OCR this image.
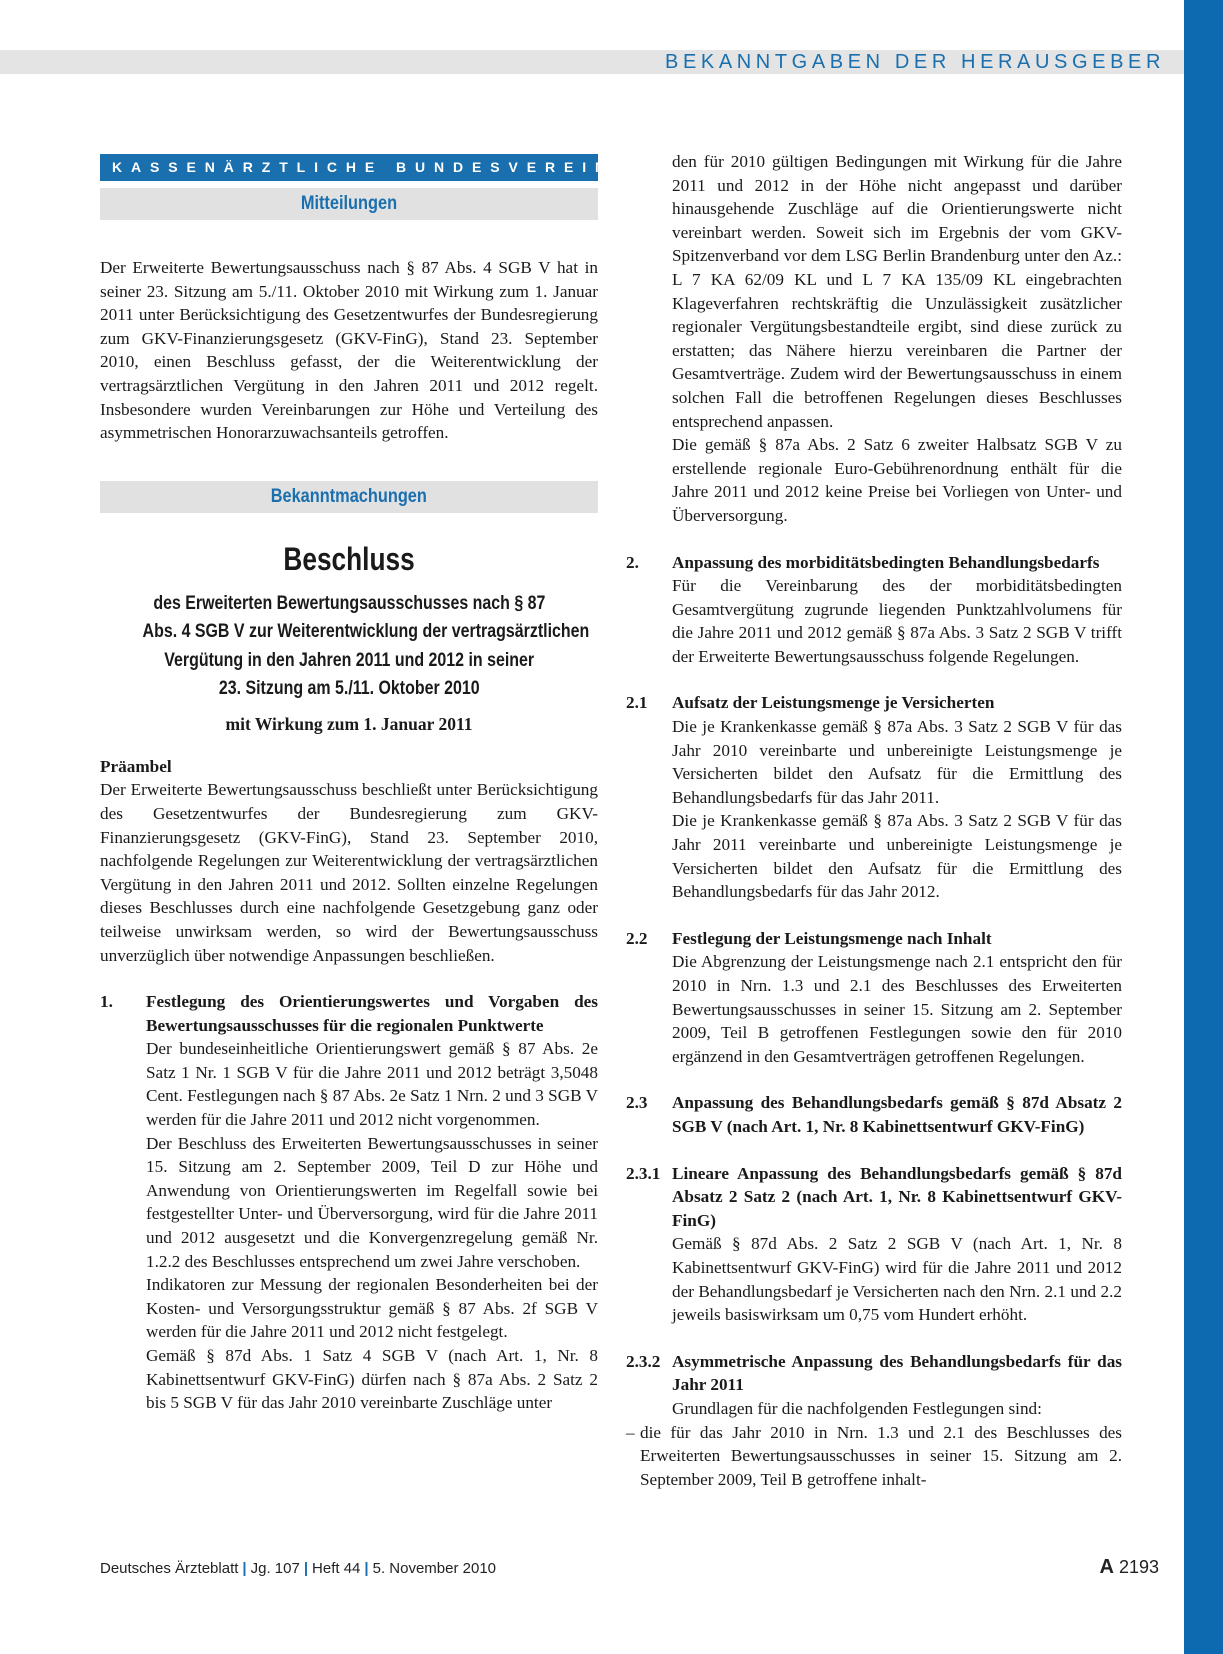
BEKANNTGABEN DER HERAUSGEBER
KASSENÄRZTLICHE BUNDESVEREINIGUNG
Mitteilungen
Der Erweiterte Bewertungsausschuss nach § 87 Abs. 4 SGB V hat in seiner 23. Sitzung am 5./11. Oktober 2010 mit Wirkung zum 1. Januar 2011 unter Berücksichtigung des Gesetzentwurfes der Bundesregierung zum GKV-Finanzierungsgesetz (GKV-FinG), Stand 23. September 2010, einen Beschluss gefasst, der die Weiterentwicklung der vertragsärztlichen Vergütung in den Jahren 2011 und 2012 regelt. Insbesondere wurden Vereinbarungen zur Höhe und Verteilung des asymmetrischen Honorarzuwachsanteils getroffen.
Bekanntmachungen
Beschluss
des Erweiterten Bewertungsausschusses nach § 87
Abs. 4 SGB V zur Weiterentwicklung der vertragsärztlichen
Vergütung in den Jahren 2011 und 2012 in seiner
23. Sitzung am 5./11. Oktober 2010
mit Wirkung zum 1. Januar 2011
Präambel
Der Erweiterte Bewertungsausschuss beschließt unter Berücksichtigung des Gesetzentwurfes der Bundesregierung zum GKV-Finanzierungsgesetz (GKV-FinG), Stand 23. September 2010, nachfolgende Regelungen zur Weiterentwicklung der vertragsärztlichen Vergütung in den Jahren 2011 und 2012. Sollten einzelne Regelungen dieses Beschlusses durch eine nachfolgende Gesetzgebung ganz oder teilweise unwirksam werden, so wird der Bewertungsausschuss unverzüglich über notwendige Anpassungen beschließen.
1.	Festlegung des Orientierungswertes und Vorgaben des Bewertungsausschusses für die regionalen Punktwerte
Der bundeseinheitliche Orientierungswert gemäß § 87 Abs. 2e Satz 1 Nr. 1 SGB V für die Jahre 2011 und 2012 beträgt 3,5048 Cent. Festlegungen nach § 87 Abs. 2e Satz 1 Nrn. 2 und 3 SGB V werden für die Jahre 2011 und 2012 nicht vorgenommen.
Der Beschluss des Erweiterten Bewertungsausschusses in seiner 15. Sitzung am 2. September 2009, Teil D zur Höhe und Anwendung von Orientierungswerten im Regelfall sowie bei festgestellter Unter- und Überversorgung, wird für die Jahre 2011 und 2012 ausgesetzt und die Konvergenzregelung gemäß Nr. 1.2.2 des Beschlusses entsprechend um zwei Jahre verschoben.
Indikatoren zur Messung der regionalen Besonderheiten bei der Kosten- und Versorgungsstruktur gemäß § 87 Abs. 2f SGB V werden für die Jahre 2011 und 2012 nicht festgelegt.
Gemäß § 87d Abs. 1 Satz 4 SGB V (nach Art. 1, Nr. 8 Kabinettsentwurf GKV-FinG) dürfen nach § 87a Abs. 2 Satz 2 bis 5 SGB V für das Jahr 2010 vereinbarte Zuschläge unter
den für 2010 gültigen Bedingungen mit Wirkung für die Jahre 2011 und 2012 in der Höhe nicht angepasst und darüber hinausgehende Zuschläge auf die Orientierungswerte nicht vereinbart werden. Soweit sich im Ergebnis der vom GKV-Spitzenverband vor dem LSG Berlin Brandenburg unter den Az.: L 7 KA 62/09 KL und L 7 KA 135/09 KL eingebrachten Klageverfahren rechtskräftig die Unzulässigkeit zusätzlicher regionaler Vergütungsbestandteile ergibt, sind diese zurück zu erstatten; das Nähere hierzu vereinbaren die Partner der Gesamtverträge. Zudem wird der Bewertungsausschuss in einem solchen Fall die betroffenen Regelungen dieses Beschlusses entsprechend anpassen.
Die gemäß § 87a Abs. 2 Satz 6 zweiter Halbsatz SGB V zu erstellende regionale Euro-Gebührenordnung enthält für die Jahre 2011 und 2012 keine Preise bei Vorliegen von Unter- und Überversorgung.
2.	Anpassung des morbiditätsbedingten Behandlungsbedarfs
Für die Vereinbarung des der morbiditätsbedingten Gesamtvergütung zugrunde liegenden Punktzahlvolumens für die Jahre 2011 und 2012 gemäß § 87a Abs. 3 Satz 2 SGB V trifft der Erweiterte Bewertungsausschuss folgende Regelungen.
2.1	Aufsatz der Leistungsmenge je Versicherten
Die je Krankenkasse gemäß § 87a Abs. 3 Satz 2 SGB V für das Jahr 2010 vereinbarte und unbereinigte Leistungsmenge je Versicherten bildet den Aufsatz für die Ermittlung des Behandlungsbedarfs für das Jahr 2011.
Die je Krankenkasse gemäß § 87a Abs. 3 Satz 2 SGB V für das Jahr 2011 vereinbarte und unbereinigte Leistungsmenge je Versicherten bildet den Aufsatz für die Ermittlung des Behandlungsbedarfs für das Jahr 2012.
2.2	Festlegung der Leistungsmenge nach Inhalt
Die Abgrenzung der Leistungsmenge nach 2.1 entspricht den für 2010 in Nrn. 1.3 und 2.1 des Beschlusses des Erweiterten Bewertungsausschusses in seiner 15. Sitzung am 2. September 2009, Teil B getroffenen Festlegungen sowie den für 2010 ergänzend in den Gesamtverträgen getroffenen Regelungen.
2.3	Anpassung des Behandlungsbedarfs gemäß § 87d Absatz 2 SGB V (nach Art. 1, Nr. 8 Kabinettsentwurf GKV-FinG)
2.3.1 Lineare Anpassung des Behandlungsbedarfs gemäß § 87d Absatz 2 Satz 2 (nach Art. 1, Nr. 8 Kabinettsentwurf GKV-FinG)
Gemäß § 87d Abs. 2 Satz 2 SGB V (nach Art. 1, Nr. 8 Kabinettsentwurf GKV-FinG) wird für die Jahre 2011 und 2012 der Behandlungsbedarf je Versicherten nach den Nrn. 2.1 und 2.2 jeweils basiswirksam um 0,75 vom Hundert erhöht.
2.3.2 Asymmetrische Anpassung des Behandlungsbedarfs für das Jahr 2011
Grundlagen für die nachfolgenden Festlegungen sind:
– die für das Jahr 2010 in Nrn. 1.3 und 2.1 des Beschlusses des Erweiterten Bewertungsausschusses in seiner 15. Sitzung am 2. September 2009, Teil B getroffene inhalt-
Deutsches Ärzteblatt | Jg. 107 | Heft 44 | 5. November 2010	A 2193
